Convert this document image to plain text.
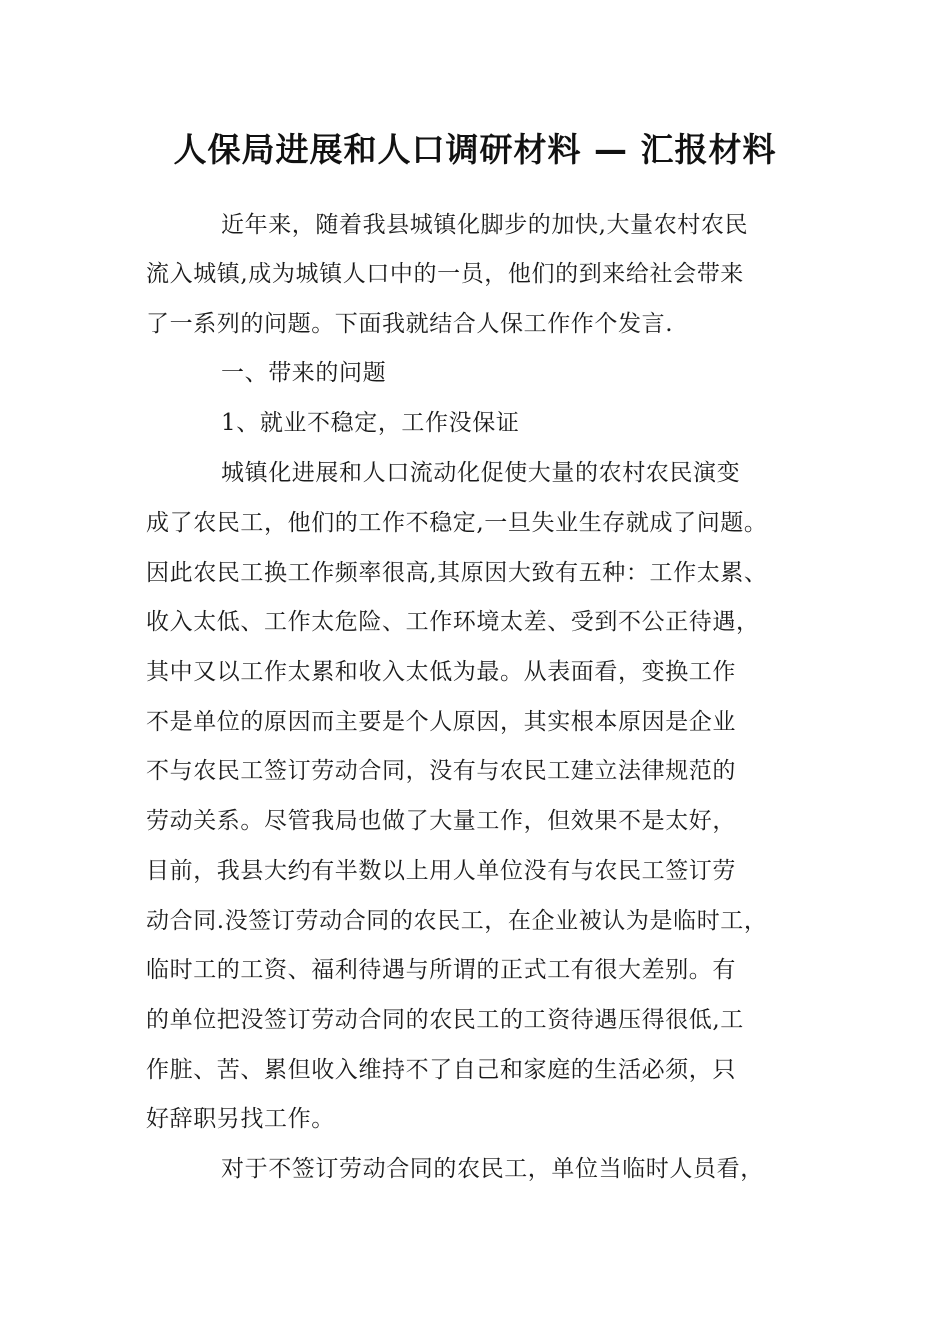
人保局进展和人口调研材料 — 汇报材料
近年来，随着我县城镇化脚步的加快,大量农村农民
流入城镇,成为城镇人口中的一员，他们的到来给社会带来
了一系列的问题。下面我就结合人保工作作个发言.
一、带来的问题
1、就业不稳定，工作没保证
城镇化进展和人口流动化促使大量的农村农民演变
成了农民工，他们的工作不稳定,一旦失业生存就成了问题。
因此农民工换工作频率很高,其原因大致有五种：工作太累、
收入太低、工作太危险、工作环境太差、受到不公正待遇，
其中又以工作太累和收入太低为最。从表面看，变换工作
不是单位的原因而主要是个人原因，其实根本原因是企业
不与农民工签订劳动合同，没有与农民工建立法律规范的
劳动关系。尽管我局也做了大量工作，但效果不是太好，
目前，我县大约有半数以上用人单位没有与农民工签订劳
动合同.没签订劳动合同的农民工，在企业被认为是临时工，
临时工的工资、福利待遇与所谓的正式工有很大差别。有
的单位把没签订劳动合同的农民工的工资待遇压得很低,工
作脏、苦、累但收入维持不了自己和家庭的生活必须，只
好辞职另找工作。
对于不签订劳动合同的农民工，单位当临时人员看，
